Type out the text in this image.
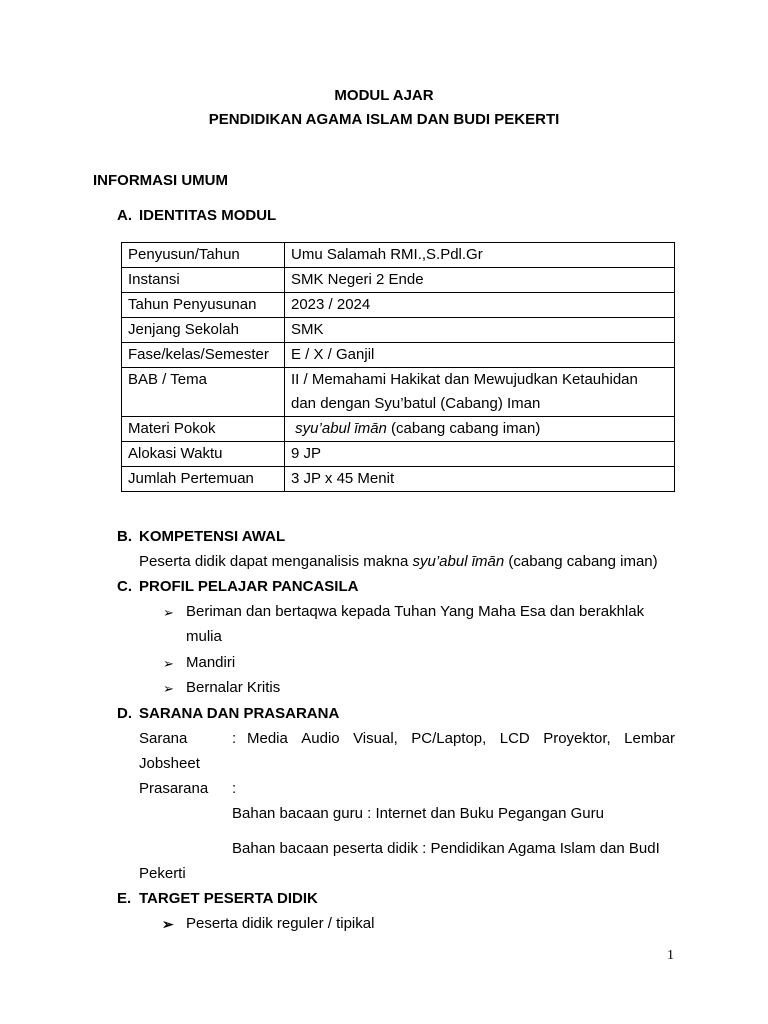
MODUL AJAR
PENDIDIKAN AGAMA ISLAM DAN BUDI PEKERTI
INFORMASI UMUM
A. IDENTITAS MODUL
Penyusun/Tahun	Umu Salamah RMI.,S.Pdl.Gr
Instansi	SMK Negeri 2 Ende
Tahun Penyusunan	2023 / 2024
Jenjang Sekolah	SMK
Fase/kelas/Semester	E / X / Ganjil
BAB / Tema	II / Memahami Hakikat dan Mewujudkan Ketauhidan
dan dengan Syu’batul (Cabang) Iman

Materi Pokok	syu’abul īmān (cabang cabang iman)
Alokasi Waktu	9 JP
Jumlah Pertemuan	3 JP x 45 Menit
B. KOMPETENSI AWAL
Peserta didik dapat menganalisis makna syu’abul īmān (cabang cabang iman)
C. PROFIL PELAJAR PANCASILA
➢ Beriman dan bertaqwa kepada Tuhan Yang Maha Esa dan berakhlak
mulia
➢ Mandiri
➢ Bernalar Kritis
D. SARANA DAN PRASARANA
Sarana	: Media Audio Visual, PC/Laptop, LCD Proyektor, Lembar
Jobsheet
Prasarana :
Bahan bacaan guru : Internet dan Buku Pegangan Guru
Bahan bacaan peserta didik : Pendidikan Agama Islam dan BudI
Pekerti
E. TARGET PESERTA DIDIK
➢ Peserta didik reguler / tipikal
1
